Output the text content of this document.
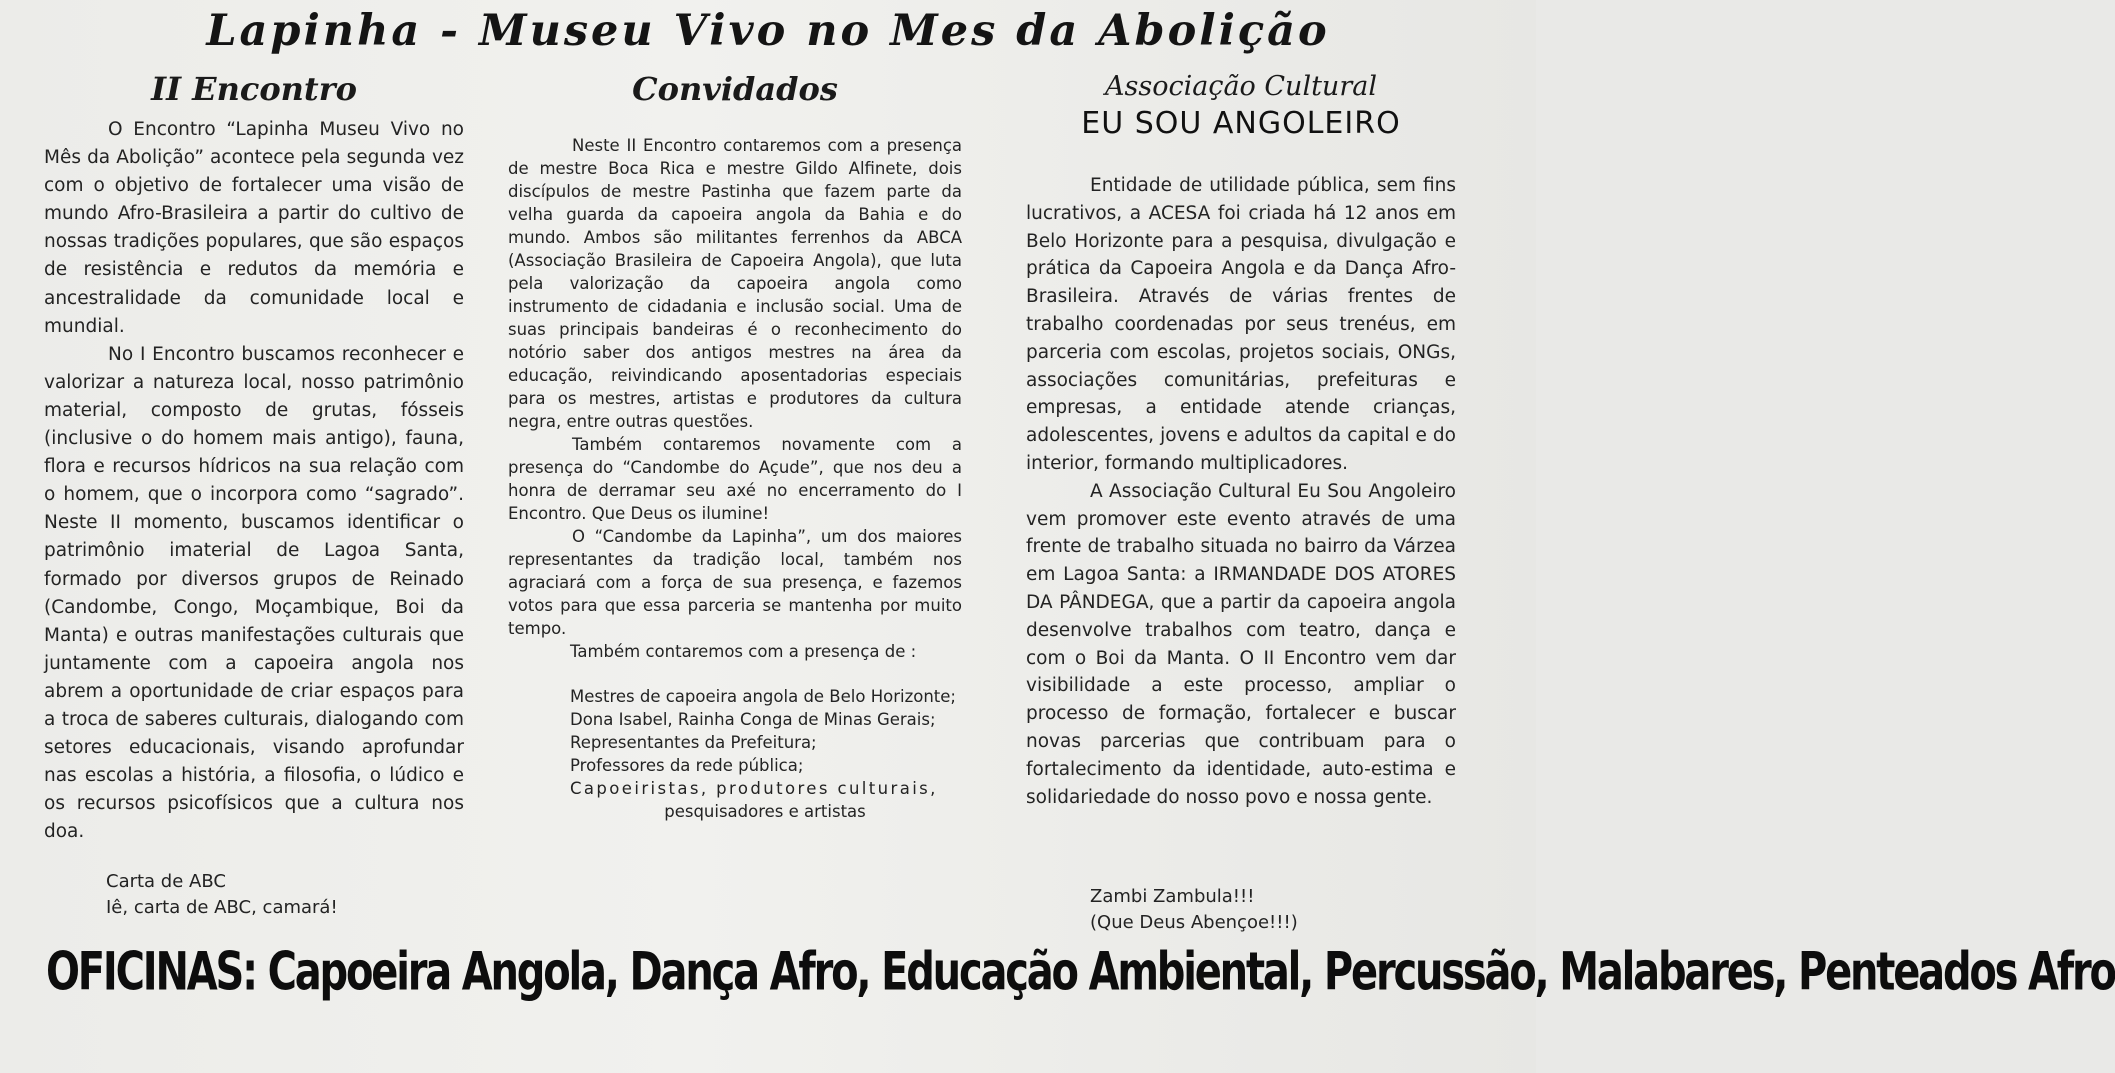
Lapinha - Museu Vivo no Mes da Abolição
II Encontro

O Encontro “Lapinha Museu Vivo no Mês da Abolição” acontece pela segunda vez com o objetivo de fortalecer uma visão de mundo Afro-Brasileira a partir do cultivo de nossas tradições populares, que são espaços de resistência e redutos da memória e ancestralidade da comunidade local e mundial.

No I Encontro buscamos reconhecer e valorizar a natureza local, nosso patrimônio material, composto de grutas, fósseis (inclusive o do homem mais antigo), fauna, flora e recursos hídricos na sua relação com o homem, que o incorpora como “sagrado”. Neste II momento, buscamos identificar o patrimônio imaterial de Lagoa Santa, formado por diversos grupos de Reinado (Candombe, Congo, Moçambique, Boi da Manta) e outras manifestações culturais que juntamente com a capoeira angola nos abrem a oportunidade de criar espaços para a troca de saberes culturais, dialogando com setores educacionais, visando aprofundar nas escolas a história, a filosofia, o lúdico e os recursos psicofísicos que a cultura nos doa.

Carta de ABC

Iê, carta de ABC, camará!

Convidados

Neste II Encontro contaremos com a presença de mestre Boca Rica e mestre Gildo Alfinete, dois discípulos de mestre Pastinha que fazem parte da velha guarda da capoeira angola da Bahia e do mundo. Ambos são militantes ferrenhos da ABCA (Associação Brasileira de Capoeira Angola), que luta pela valorização da capoeira angola como instrumento de cidadania e inclusão social. Uma de suas principais bandeiras é o reconhecimento do notório saber dos antigos mestres na área da educação, reivindicando aposentadorias especiais para os mestres, artistas e produtores da cultura negra, entre outras questões.

Também contaremos novamente com a presença do “Candombe do Açude”, que nos deu a honra de derramar seu axé no encerramento do I Encontro. Que Deus os ilumine!

O “Candombe da Lapinha”, um dos maiores representantes da tradição local, também nos agraciará com a força de sua presença, e fazemos votos para que essa parceria se mantenha por muito tempo.

Também contaremos com a presença de :

Mestres de capoeira angola de Belo Horizonte;

Dona Isabel, Rainha Conga de Minas Gerais;

Representantes da Prefeitura;

Professores da rede pública;

Capoeiristas, produtores culturais,

pesquisadores e artistas

Associação Cultural

EU SOU ANGOLEIRO

Entidade de utilidade pública, sem fins lucrativos, a ACESA foi criada há 12 anos em Belo Horizonte para a pesquisa, divulgação e prática da Capoeira Angola e da Dança Afro-Brasileira. Através de várias frentes de trabalho coordenadas por seus trenéus, em parceria com escolas, projetos sociais, ONGs, associações comunitárias, prefeituras e empresas, a entidade atende crianças, adolescentes, jovens e adultos da capital e do interior, formando multiplicadores.

A Associação Cultural Eu Sou Angoleiro vem promover este evento através de uma frente de trabalho situada no bairro da Várzea em Lagoa Santa: a IRMANDADE DOS ATORES DA PÂNDEGA, que a partir da capoeira angola desenvolve trabalhos com teatro, dança e com o Boi da Manta. O II Encontro vem dar visibilidade a este processo, ampliar o processo de formação, fortalecer e buscar novas parcerias que contribuam para o fortalecimento da identidade, auto-estima e solidariedade do nosso povo e nossa gente.

Zambi Zambula!!!

(Que Deus Abençoe!!!)

OFICINAS: Capoeira Angola, Dança Afro, Educação Ambiental, Percussão, Malabares, Penteados Afro
